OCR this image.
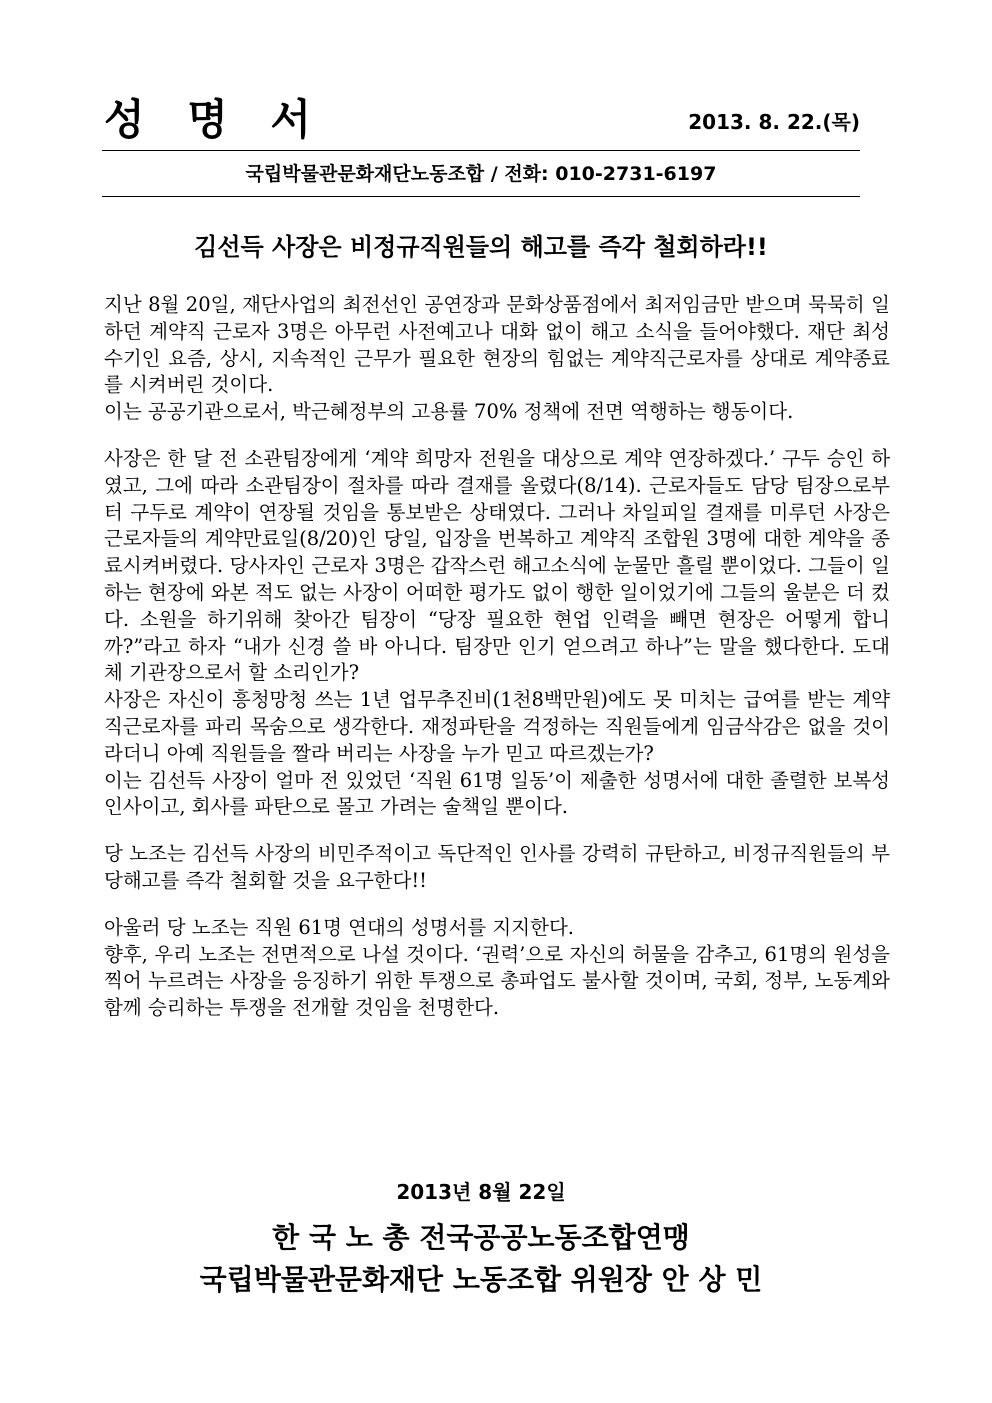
성 명 서	2013. 8. 22.(목)
국립박물관문화재단노동조합 / 전화: 010-2731-6197
김선득 사장은 비정규직원들의 해고를 즉각 철회하라!!

지난 8월 20일, 재단사업의 최전선인 공연장과 문화상품점에서 최저임금만 받으며 묵묵히 일하던 계약직 근로자 3명은 아무런 사전예고나 대화 없이 해고 소식을 들어야했다. 재단 최성수기인 요즘, 상시, 지속적인 근무가 필요한 현장의 힘없는 계약직근로자를 상대로 계약종료를 시켜버린 것이다.

이는 공공기관으로서, 박근혜정부의 고용률 70% 정책에 전면 역행하는 행동이다.

사장은 한 달 전 소관팀장에게 ‘계약 희망자 전원을 대상으로 계약 연장하겠다.’ 구두 승인 하였고, 그에 따라 소관팀장이 절차를 따라 결재를 올렸다(8/14). 근로자들도 담당 팀장으로부터 구두로 계약이 연장될 것임을 통보받은 상태였다. 그러나 차일피일 결재를 미루던 사장은 근로자들의 계약만료일(8/20)인 당일, 입장을 번복하고 계약직 조합원 3명에 대한 계약을 종료시켜버렸다. 당사자인 근로자 3명은 갑작스런 해고소식에 눈물만 흘릴 뿐이었다. 그들이 일하는 현장에 와본 적도 없는 사장이 어떠한 평가도 없이 행한 일이었기에 그들의 울분은 더 컸다. 소원을 하기위해 찾아간 팀장이 “당장 필요한 현업 인력을 빼면 현장은 어떻게 합니까?”라고 하자 “내가 신경 쓸 바 아니다. 팀장만 인기 얻으려고 하나”는 말을 했다한다. 도대체 기관장으로서 할 소리인가?

사장은 자신이 흥청망청 쓰는 1년 업무추진비(1천8백만원)에도 못 미치는 급여를 받는 계약직근로자를 파리 목숨으로 생각한다. 재정파탄을 걱정하는 직원들에게 임금삭감은 없을 것이라더니 아예 직원들을 짤라 버리는 사장을 누가 믿고 따르겠는가?

이는 김선득 사장이 얼마 전 있었던 ‘직원 61명 일동’이 제출한 성명서에 대한 졸렬한 보복성 인사이고, 회사를 파탄으로 몰고 가려는 술책일 뿐이다.

당 노조는 김선득 사장의 비민주적이고 독단적인 인사를 강력히 규탄하고, 비정규직원들의 부당해고를 즉각 철회할 것을 요구한다!!

아울러 당 노조는 직원 61명 연대의 성명서를 지지한다.

향후, 우리 노조는 전면적으로 나설 것이다. ‘권력’으로 자신의 허물을 감추고, 61명의 원성을 찍어 누르려는 사장을 응징하기 위한 투쟁으로 총파업도 불사할 것이며, 국회, 정부, 노동계와 함께 승리하는 투쟁을 전개할 것임을 천명한다.

2013년 8월 22일
한 국 노 총 전국공공노동조합연맹
국립박물관문화재단 노동조합 위원장 안 상 민
